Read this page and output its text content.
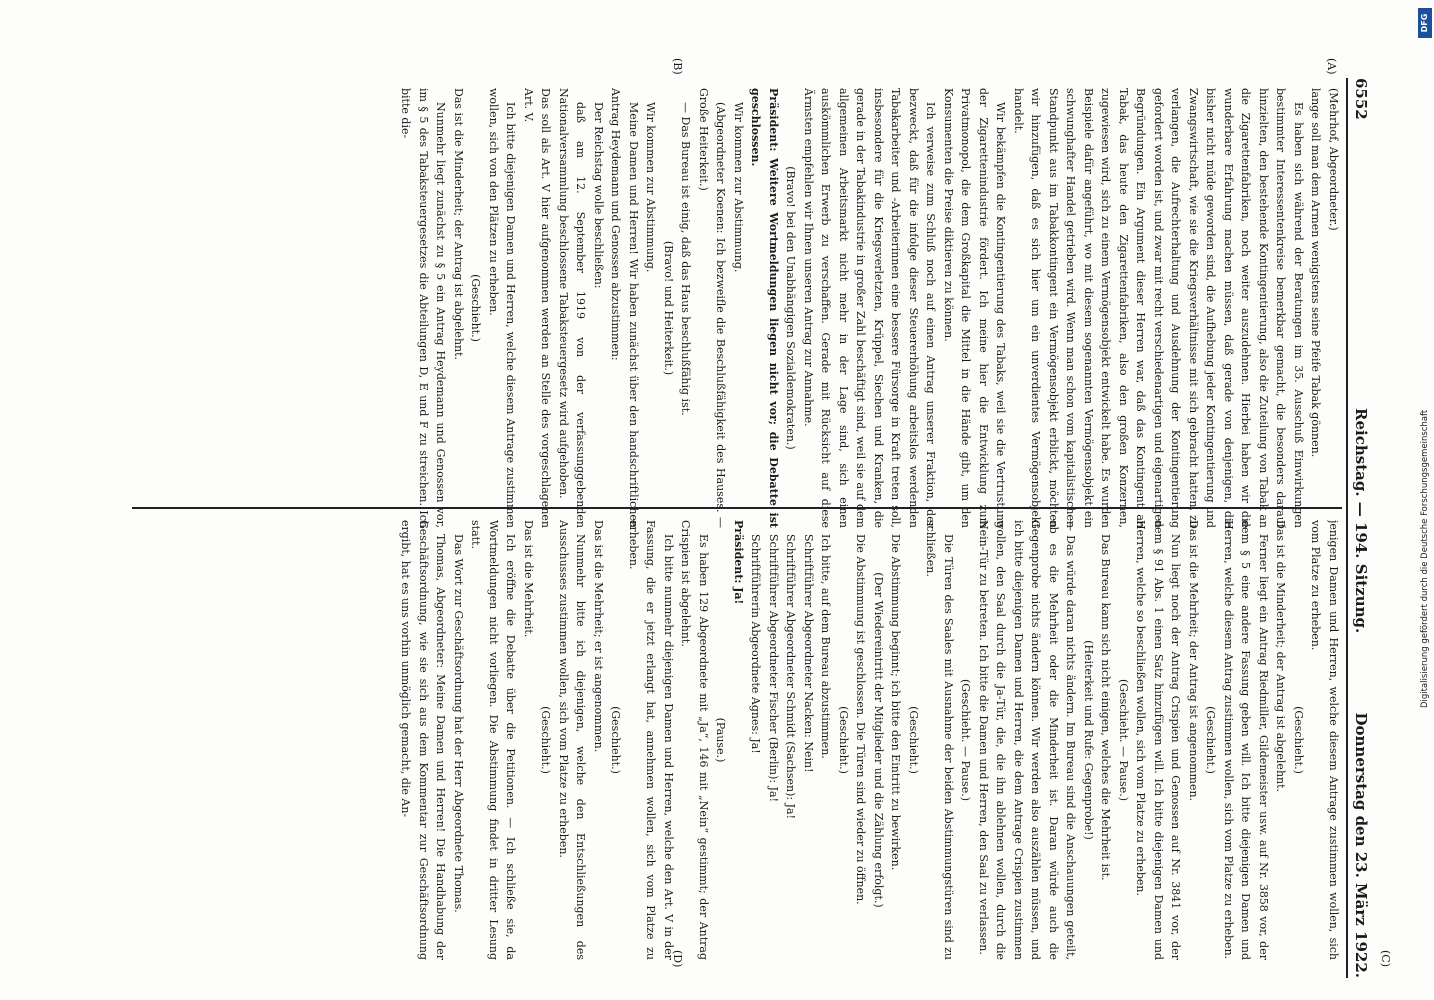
6552
Reichstag. — 194. Sitzung.
Donnerstag den 23. März 1922.
(A)
(B)
(C)
(D)

(Mehrhof, Abgeordneter.)

lange soll man dem Armen wenigstens seine Pfeife Tabak gönnen.

Es haben sich während der Beratungen im 35. Ausschuß Einwirkungen bestimmter Interessentenkreise bemerkbar gemacht, die besonders darauf hinzielten, den bestehende Kontingentierung, also die Zuteilung von Tabak an die Zigarettenfabriken, noch weiter auszudehnen. Hierbei haben wir die wunderbare Erfahrung machen müssen, daß gerade von denjenigen, die bisher nicht müde geworden sind, die Aufhebung jeder Kontingentierung und Zwangswirtschaft, wie sie die Kriegsverhältnisse mit sich gebracht hatten, zu verlangen, die Aufrechterhaltung und Ausdehnung der Kontingentierung gefordert worden ist, und zwar mit recht verschiedenartigen und eigenartigen Begründungen. Ein Argument dieser Herren war, daß das Kontingent an Tabak, das heute den Zigarettenfabriken, also den großen Konzernen, zugewiesen wird, sich zu einem Vermögensobjekt entwickelt habe. Es wurden Beispiele dafür angeführt, wo mit diesem sogenannten Vermögensobjekt ein schwunghafter Handel getrieben wird. Wenn man schon vom kapitalistischen Standpunkt aus im Tabakkontingent ein Vermögensobjekt erblickt, möchten wir hinzufügen, daß es sich hier um ein unverdientes Vermögensobjekt handelt.

Wir bekämpfen die Kontingentierung des Tabaks, weil sie die Vertrustung der Zigarettenindustrie fördert. Ich meine hier die Entwicklung zum Privatmonopol, die dem Großkapital die Mittel in die Hände gibt, um den Konsumenten die Preise diktieren zu können.

Ich verweise zum Schluß noch auf einen Antrag unserer Fraktion, der bezweckt, daß für die infolge dieser Steuererhöhung arbeitslos werdenden Tabakarbeiter und -Arbeiterinnen eine bessere Fürsorge in Kraft treten soll, insbesondere für die Kriegsverletzten, Krüppel, Siechen und Kranken, die gerade in der Tabakindustrie in großer Zahl beschäftigt sind, weil sie auf dem allgemeinen Arbeitsmarkt nicht mehr in der Lage sind, sich einen auskömmlichen Erwerb zu verschaffen. Gerade mit Rücksicht auf diese Ärmsten empfehlen wir Ihnen unseren Antrag zur Annahme.

(Bravo! bei den Unabhängigen Sozialdemokraten.)

Präsident: Weitere Wortmeldungen liegen nicht vor; die Debatte ist geschlossen.

Wir kommen zur Abstimmung.

(Abgeordneter Koenen: Ich bezweifle die Beschlußfähigkeit des Hauses. — Große Heiterkeit.)

— Das Bureau ist einig, daß das Haus beschlußfähig ist.

(Bravo! und Heiterkeit.)

Wir kommen zur Abstimmung.

Meine Damen und Herren! Wir haben zunächst über den handschriftlichen Antrag Heydemann und Genossen abzustimmen:

Der Reichstag wolle beschließen:

daß am 12. September 1919 von der verfassunggebenden Nationalversammlung beschlossene Tabaksteuergesetz wird aufgehoben.

Das soll als Art. V hier aufgenommen werden an Stelle des vorgeschlagenen Art. V.

Ich bitte diejenigen Damen und Herren, welche diesem Antrage zustimmen wollen, sich von den Plätzen zu erheben.

(Geschieht.)

Das ist die Minderheit; der Antrag ist abgelehnt.

Nunmehr liegt zunächst zu § 5 ein Antrag Heydemann und Genossen vor, im § 5 des Tabaksteuergesetzes die Abteilungen D, E und F zu streichen. Ich bitte die-

jenigen Damen und Herren, welche diesem Antrage zustimmen wollen, sich vom Platze zu erheben.

(Geschieht.)

Das ist die Minderheit; der Antrag ist abgelehnt.

Ferner liegt ein Antrag Riedmiller, Gildemeister usw. auf Nr. 3858 vor, der dem § 5 eine andere Fassung geben will. Ich bitte diejenigen Damen und Herren, welche diesem Antrag zustimmen wollen, sich vom Platze zu erheben.

(Geschieht.)

Das ist die Mehrheit; der Antrag ist angenommen.

Nun liegt noch der Antrag Crispien und Genossen auf Nr. 3841 vor, der dem § 91 Abs. 1 einen Satz hinzufügen will. Ich bitte diejenigen Damen und Herren, welche so beschließen wollen, sich vom Platze zu erheben.

(Geschieht. — Pause.)

Das Bureau kann sich nicht einigen, welches die Mehrheit ist.

(Heiterkeit und Rufe: Gegenprobe!)

— Das würde daran nichts ändern. Im Bureau sind die Anschauungen geteilt, ob es die Mehrheit oder die Minderheit ist. Daran würde auch die Gegenprobe nichts ändern können. Wir werden also auszählen müssen, und ich bitte diejenigen Damen und Herren, die dem Antrage Crispien zustimmen wollen, den Saal durch die Ja-Tür, die, die ihn ablehnen wollen, durch die Nein-Tür zu betreten. Ich bitte die Damen und Herren, den Saal zu verlassen.

(Geschieht. — Pause.)

Die Türen des Saales mit Ausnahme der beiden Abstimmungstüren sind zu schließen.

(Geschieht.)

Die Abstimmung beginnt; ich bitte den Eintritt zu bewirken.

(Der Wiedereintritt der Mitglieder und die Zählung erfolgt.)

Die Abstimmung ist geschlossen. Die Türen sind wieder zu öffnen.

(Geschieht.)

Ich bitte, auf dem Bureau abzustimmen.

Schriftführer Abgeordneter Nacken: Nein!

Schriftführer Abgeordneter Schmidt (Sachsen): Ja!

Schriftführer Abgeordneter Fischer (Berlin): Ja!

Schriftführerin Abgeordnete Agnes: Ja!

Präsident: Ja!

(Pause.)

Es haben 129 Abgeordnete mit „Ja“, 146 mit „Nein“ gestimmt; der Antrag Crispien ist abgelehnt.

Ich bitte nunmehr diejenigen Damen und Herren, welche den Art. V in der Fassung, die er jetzt erlangt hat, annehmen wollen, sich vom Platze zu erheben.

(Geschieht.)

Das ist die Mehrheit; er ist angenommen.

Nunmehr bitte ich diejenigen, welche den Entschließungen des Ausschusses zustimmen wollen, sich vom Platze zu erheben.

(Geschieht.)

Das ist die Mehrheit.

Ich eröffne die Debatte über die Petitionen. — Ich schließe sie, da Wortmeldungen nicht vorliegen. Die Abstimmung findet in dritter Lesung statt.

Das Wort zur Geschäftsordnung hat der Herr Abgeordnete Thomas.

Thomas, Abgeordneter: Meine Damen und Herren! Die Handhabung der Geschäftsordnung, wie sie sich aus dem Kommentar zur Geschäftsordnung ergibt, hat es uns vorhin unmöglich gemacht, die An-	Digitalisierung gefördert durch die Deutsche Forschungsgemeinschaft
DFG
